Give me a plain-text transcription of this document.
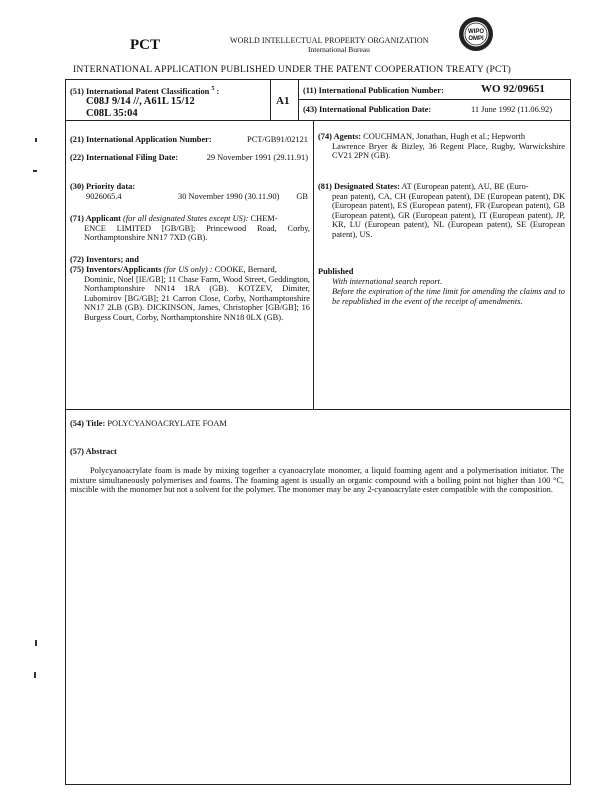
PCT	WORLD INTELLECTUAL PROPERTY ORGANIZATION
International Bureau
WIPO
OMPI
INTERNATIONAL APPLICATION PUBLISHED UNDER THE PATENT COOPERATION TREATY (PCT)
(51) International Patent Classification $^5$ :
C08J 9/14 //, A61L 15/12
C08L 35:04
A1
(11) International Publication Number:	WO 92/09651
(43) International Publication Date:	11 June 1992 (11.06.92)
(21) International Application Number:	PCT/GB91/02121
(22) International Filing Date:	29 November 1991 (29.11.91)
(30) Priority data:
9026065.4	30 November 1990 (30.11.90) GB
(71) Applicant (for all designated States except US): CHEM-
ENCE LIMITED [GB/GB]; Princewood Road, Corby, Northamptonshire NN17 7XD (GB).
(72) Inventors; and
(75) Inventors/Applicants (for US only) : COOKE, Bernard,
Dominic, Noel [IE/GB]; 11 Chase Farm, Wood Street, Geddington, Northamptonshire NN14 1RA (GB). KOTZEV, Dimiter, Lubomirov [BG/GB]; 21 Carron Close, Corby, Northamptonshire NN17 2LB (GB). DICKINSON, James, Christopher [GB/GB]; 16 Burgess Court, Corby, Northamptonshire NN18 0LX (GB).
(74) Agents: COUCHMAN, Jonathan, Hugh et al.; Hepworth
Lawrence Bryer & Bizley, 36 Regent Place, Rugby, Warwickshire CV21 2PN (GB).
(81) Designated States: AT (European patent), AU, BE (Euro-
pean patent), CA, CH (European patent), DE (European patent), DK (European patent), ES (European patent), FR (European patent), GB (European patent), GR (European patent), IT (European patent), JP, KR, LU (European patent), NL (European patent), SE (European patent), US.
Published
With international search report.
Before the expiration of the time limit for amending the claims and to be republished in the event of the receipt of amendments.
(54) Title: POLYCYANOACRYLATE FOAM
(57) Abstract
Polycyanoacrylate foam is made by mixing together a cyanoacrylate monomer, a liquid foaming agent and a polymerisation initiator. The mixture simultaneously polymerises and foams. The foaming agent is usually an organic compound with a boiling point not higher than 100 °C, miscible with the monomer but not a solvent for the polymer. The monomer may be any 2-cyanoacrylate ester compatible with the composition.
